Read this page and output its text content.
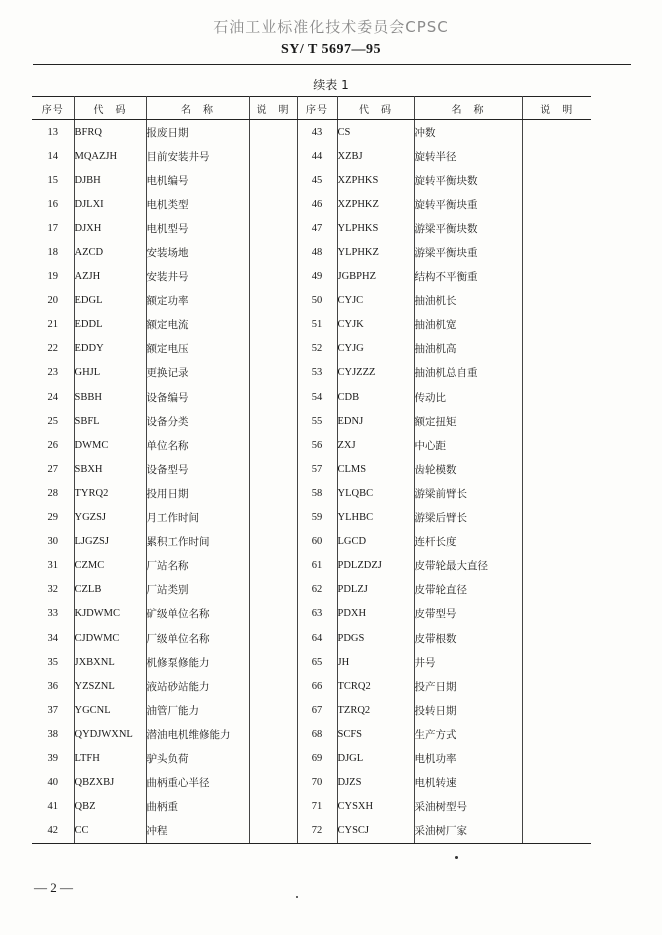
石油工业标准化技术委员会CPSC
SY/ T 5697—95
续表 1
序号	代　码	名　称	说　明	序号	代　码	名　称	说　明
13	BFRQ	报废日期		43	CS	冲数	
14	MQAZJH	目前安装井号		44	XZBJ	旋转半径	
15	DJBH	电机编号		45	XZPHKS	旋转平衡块数	
16	DJLXI	电机类型		46	XZPHKZ	旋转平衡块重	
17	DJXH	电机型号		47	YLPHKS	游梁平衡块数	
18	AZCD	安装场地		48	YLPHKZ	游梁平衡块重	
19	AZJH	安装井号		49	JGBPHZ	结构不平衡重	
20	EDGL	额定功率		50	CYJC	抽油机长	
21	EDDL	额定电流		51	CYJK	抽油机宽	
22	EDDY	额定电压		52	CYJG	抽油机高	
23	GHJL	更换记录		53	CYJZZZ	抽油机总自重	
24	SBBH	设备编号		54	CDB	传动比	
25	SBFL	设备分类		55	EDNJ	额定扭矩	
26	DWMC	单位名称		56	ZXJ	中心距	
27	SBXH	设备型号		57	CLMS	齿轮模数	
28	TYRQ2	投用日期		58	YLQBC	游梁前臂长	
29	YGZSJ	月工作时间		59	YLHBC	游梁后臂长	
30	LJGZSJ	累积工作时间		60	LGCD	连杆长度	
31	CZMC	厂站名称		61	PDLZDZJ	皮带轮最大直径	
32	CZLB	厂站类别		62	PDLZJ	皮带轮直径	
33	KJDWMC	矿级单位名称		63	PDXH	皮带型号	
34	CJDWMC	厂级单位名称		64	PDGS	皮带根数	
35	JXBXNL	机修泵修能力		65	JH	井号	
36	YZSZNL	液站砂站能力		66	TCRQ2	投产日期	
37	YGCNL	油管厂能力		67	TZRQ2	投转日期	
38	QYDJWXNL	潜油电机维修能力		68	SCFS	生产方式	
39	LTFH	驴头负荷		69	DJGL	电机功率	
40	QBZXBJ	曲柄重心半径		70	DJZS	电机转速	
41	QBZ	曲柄重		71	CYSXH	采油树型号	
42	CC	冲程		72	CYSCJ	采油树厂家	
— 2 —
